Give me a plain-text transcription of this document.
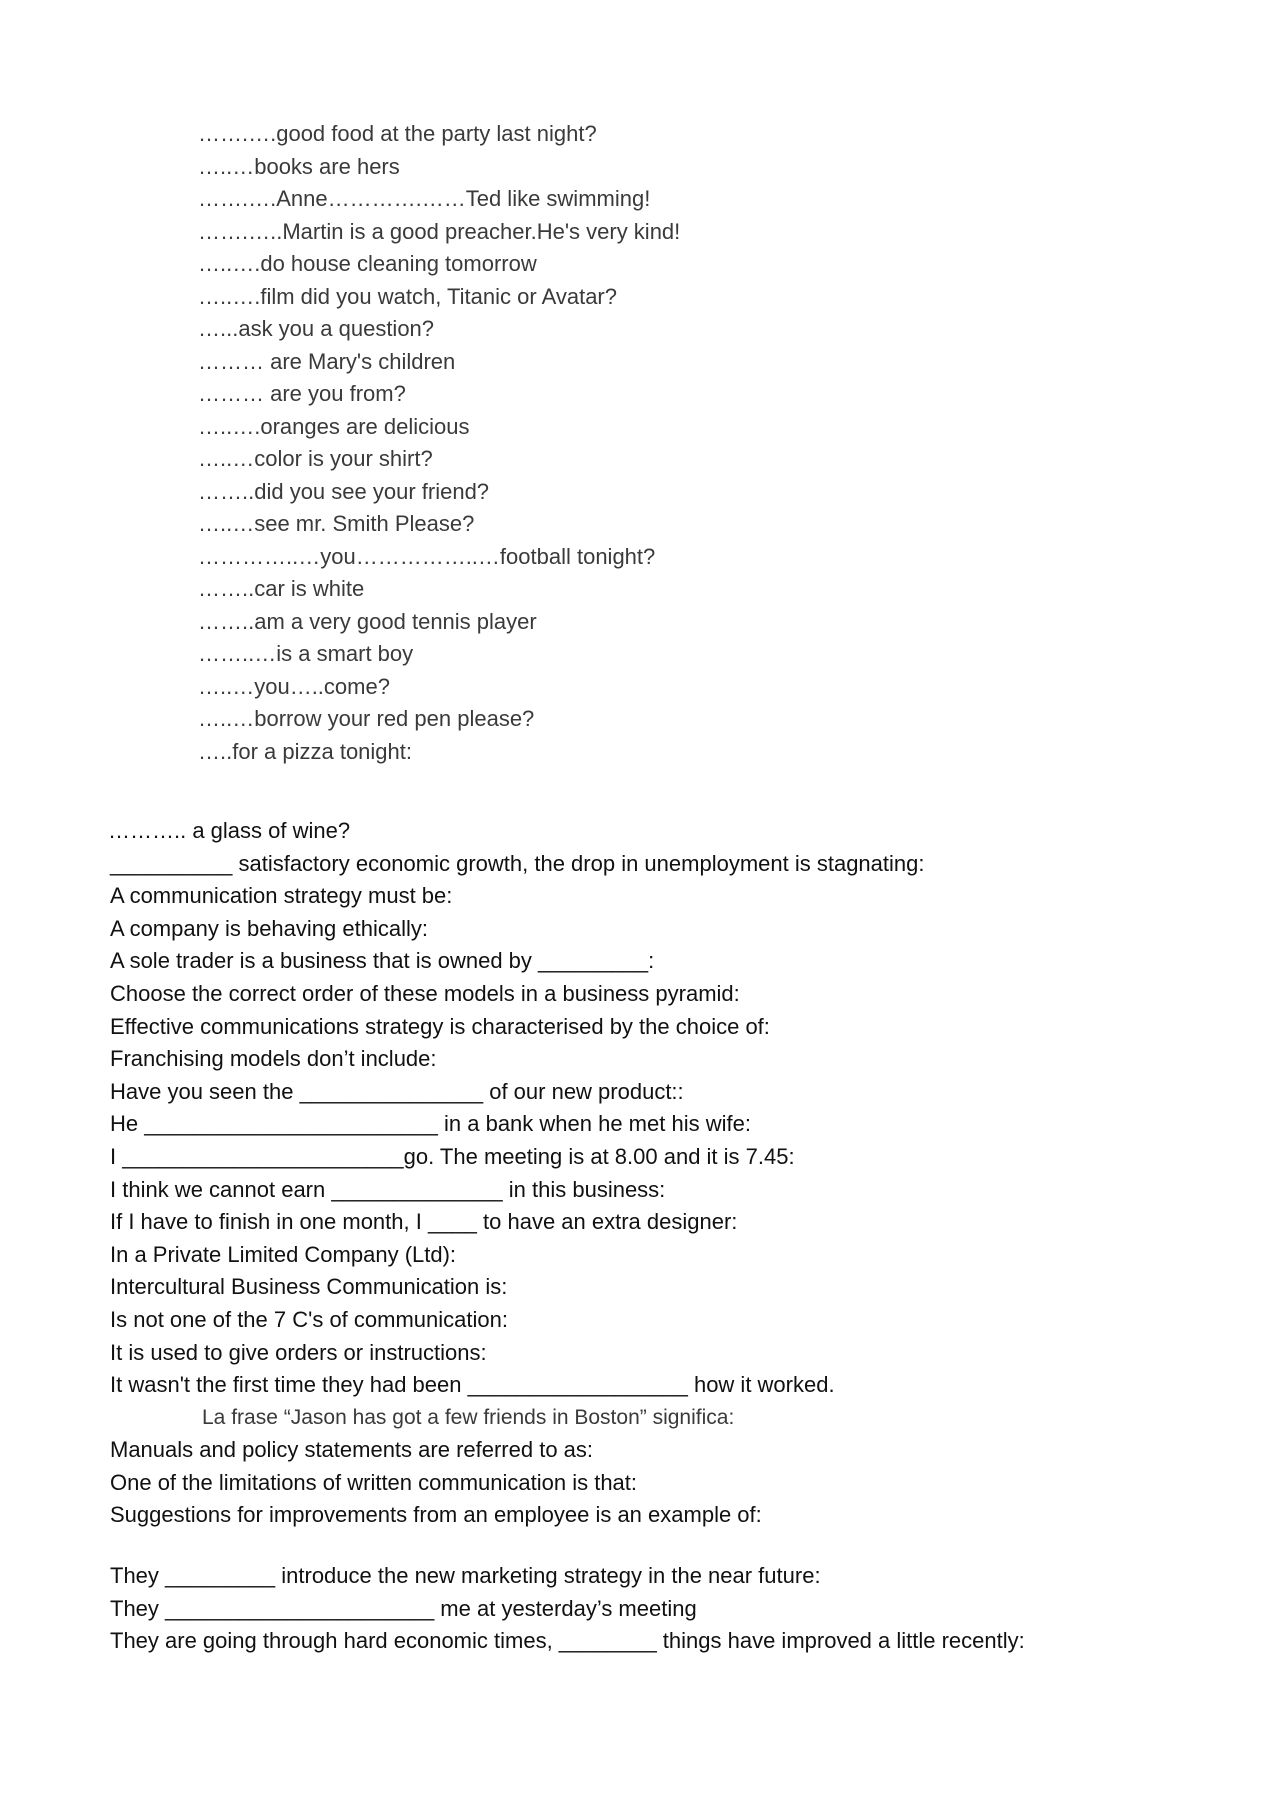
…….….good food at the party last night?
…..…books are hers
…….….Anne………….……Ted like swimming!
…….…..Martin is a good preacher.He's very kind!
…..….do house cleaning tomorrow
…..….film did you watch, Titanic or Avatar?
…...ask you a question?
……… are Mary's children
……… are you from?
…..….oranges are delicious
…..…color is your shirt?
……..did you see your friend?
…..…see mr. Smith Please?
…………..…you……………..…football tonight?
……..car is white
……..am a very good tennis player
……..…is a smart boy
…..…you…..come?
…..…borrow your red pen please?
…..for a pizza tonight:
……….. a glass of wine?
__________ satisfactory economic growth, the drop in unemployment is stagnating:
A communication strategy must be:
A company is behaving ethically:
A sole trader is a business that is owned by _________:
Choose the correct order of these models in a business pyramid:
Effective communications strategy is characterised by the choice of:
Franchising models don’t include:
Have you seen the _______________ of our new product::
He ________________________ in a bank when he met his wife:
I _______________________go. The meeting is at 8.00 and it is 7.45:
I think we cannot earn ______________ in this business:
If I have to finish in one month, I ____ to have an extra designer:
In a Private Limited Company (Ltd):
Intercultural Business Communication is:
Is not one of the 7 C's of communication:
It is used to give orders or instructions:
It wasn't the first time they had been __________________ how it worked.
La frase “Jason has got a few friends in Boston” significa:
Manuals and policy statements are referred to as:
One of the limitations of written communication is that:
Suggestions for improvements from an employee is an example of:
They _________ introduce the new marketing strategy in the near future:
They ______________________ me at yesterday’s meeting
They are going through hard economic times, ________ things have improved a little recently:
